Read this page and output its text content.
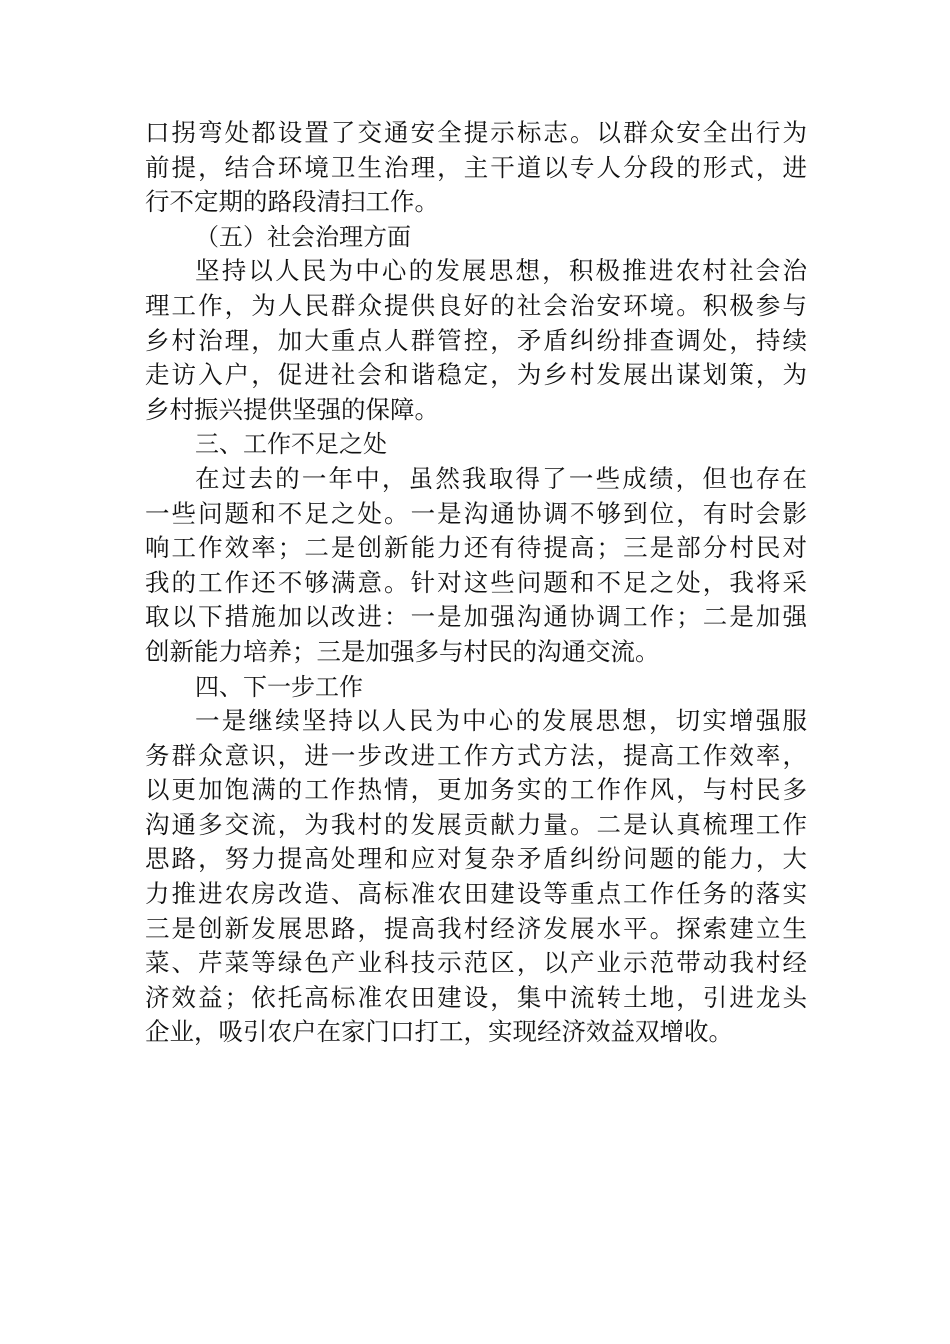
口拐弯处都设置了交通安全提示标志。以群众安全出行为
前提，结合环境卫生治理，主干道以专人分段的形式，进
行不定期的路段清扫工作。
（五）社会治理方面
坚持以人民为中心的发展思想，积极推进农村社会治
理工作，为人民群众提供良好的社会治安环境。积极参与
乡村治理，加大重点人群管控，矛盾纠纷排查调处，持续
走访入户，促进社会和谐稳定，为乡村发展出谋划策，为
乡村振兴提供坚强的保障。
三、工作不足之处
在过去的一年中，虽然我取得了一些成绩，但也存在
一些问题和不足之处。一是沟通协调不够到位，有时会影
响工作效率；二是创新能力还有待提高；三是部分村民对
我的工作还不够满意。针对这些问题和不足之处，我将采
取以下措施加以改进：一是加强沟通协调工作；二是加强
创新能力培养；三是加强多与村民的沟通交流。
四、下一步工作
一是继续坚持以人民为中心的发展思想，切实增强服
务群众意识，进一步改进工作方式方法，提高工作效率，
以更加饱满的工作热情，更加务实的工作作风，与村民多
沟通多交流，为我村的发展贡献力量。二是认真梳理工作
思路，努力提高处理和应对复杂矛盾纠纷问题的能力，大
力推进农房改造、高标准农田建设等重点工作任务的落实
三是创新发展思路，提高我村经济发展水平。探索建立生
菜、芹菜等绿色产业科技示范区，以产业示范带动我村经
济效益；依托高标准农田建设，集中流转土地，引进龙头
企业，吸引农户在家门口打工，实现经济效益双增收。
